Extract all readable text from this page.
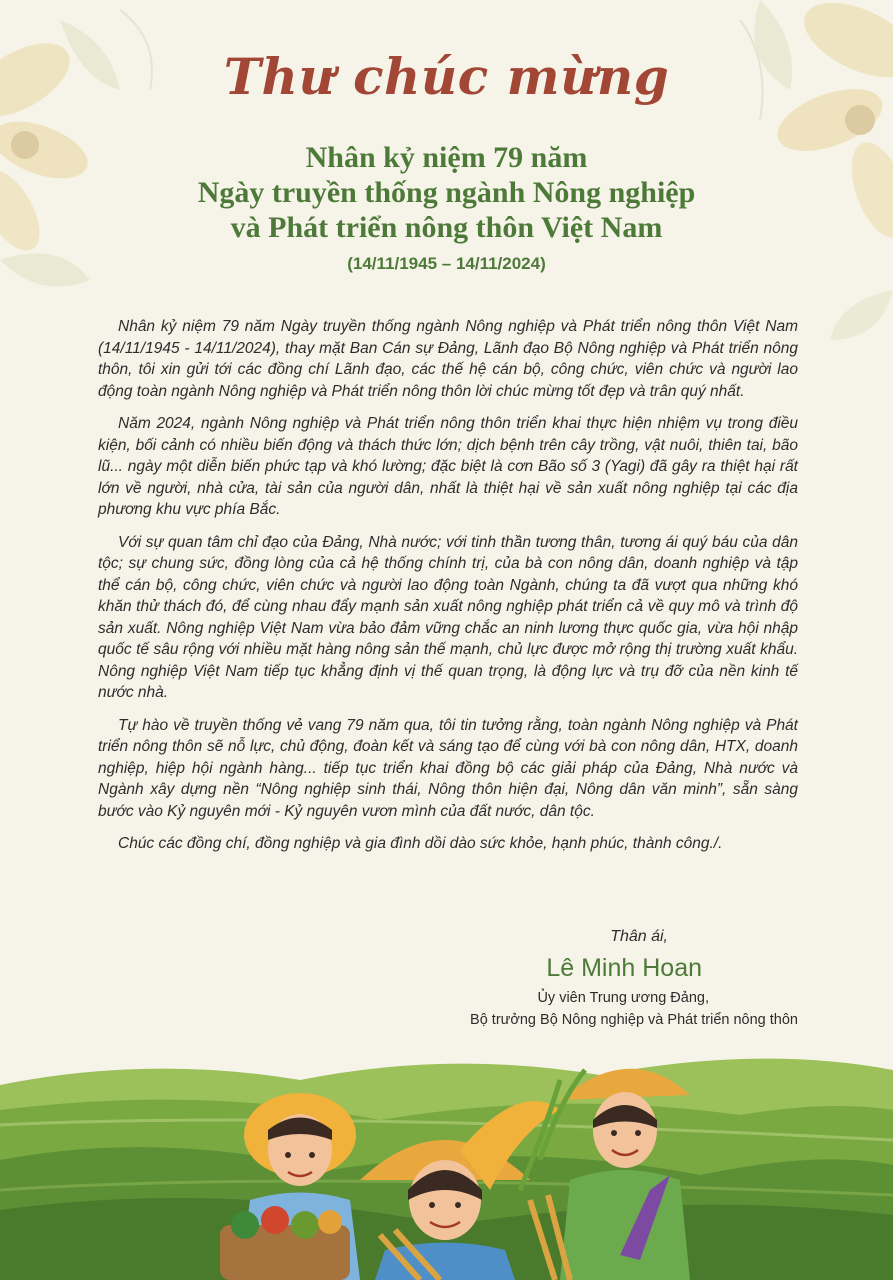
Thư chúc mừng
Nhân kỷ niệm 79 năm
Ngày truyền thống ngành Nông nghiệp
và Phát triển nông thôn Việt Nam
(14/11/1945 – 14/11/2024)

Nhân kỷ niệm 79 năm Ngày truyền thống ngành Nông nghiệp và Phát triển nông thôn Việt Nam (14/11/1945 - 14/11/2024), thay mặt Ban Cán sự Đảng, Lãnh đạo Bộ Nông nghiệp và Phát triển nông thôn, tôi xin gửi tới các đồng chí Lãnh đạo, các thế hệ cán bộ, công chức, viên chức và người lao động toàn ngành Nông nghiệp và Phát triển nông thôn lời chúc mừng tốt đẹp và trân quý nhất.

Năm 2024, ngành Nông nghiệp và Phát triển nông thôn triển khai thực hiện nhiệm vụ trong điều kiện, bối cảnh có nhiều biến động và thách thức lớn; dịch bệnh trên cây trồng, vật nuôi, thiên tai, bão lũ... ngày một diễn biến phức tạp và khó lường; đặc biệt là cơn Bão số 3 (Yagi) đã gây ra thiệt hại rất lớn về người, nhà cửa, tài sản của người dân, nhất là thiệt hại về sản xuất nông nghiệp tại các địa phương khu vực phía Bắc.

Với sự quan tâm chỉ đạo của Đảng, Nhà nước; với tinh thần tương thân, tương ái quý báu của dân tộc; sự chung sức, đồng lòng của cả hệ thống chính trị, của bà con nông dân, doanh nghiệp và tập thể cán bộ, công chức, viên chức và người lao động toàn Ngành, chúng ta đã vượt qua những khó khăn thử thách đó, để cùng nhau đẩy mạnh sản xuất nông nghiệp phát triển cả về quy mô và trình độ sản xuất. Nông nghiệp Việt Nam vừa bảo đảm vững chắc an ninh lương thực quốc gia, vừa hội nhập quốc tế sâu rộng với nhiều mặt hàng nông sản thế mạnh, chủ lực được mở rộng thị trường xuất khẩu. Nông nghiệp Việt Nam tiếp tục khẳng định vị thế quan trọng, là động lực và trụ đỡ của nền kinh tế nước nhà.

Tự hào về truyền thống vẻ vang 79 năm qua, tôi tin tưởng rằng, toàn ngành Nông nghiệp và Phát triển nông thôn sẽ nỗ lực, chủ động, đoàn kết và sáng tạo để cùng với bà con nông dân, HTX, doanh nghiệp, hiệp hội ngành hàng... tiếp tục triển khai đồng bộ các giải pháp của Đảng, Nhà nước và Ngành xây dựng nền “Nông nghiệp sinh thái, Nông thôn hiện đại, Nông dân văn minh”, sẵn sàng bước vào Kỷ nguyên mới - Kỷ nguyên vươn mình của đất nước, dân tộc.

Chúc các đồng chí, đồng nghiệp và gia đình dồi dào sức khỏe, hạnh phúc, thành công./.

Thân ái,
Lê Minh Hoan
Ủy viên Trung ương Đảng,
Bộ trưởng Bộ Nông nghiệp và Phát triển nông thôn
